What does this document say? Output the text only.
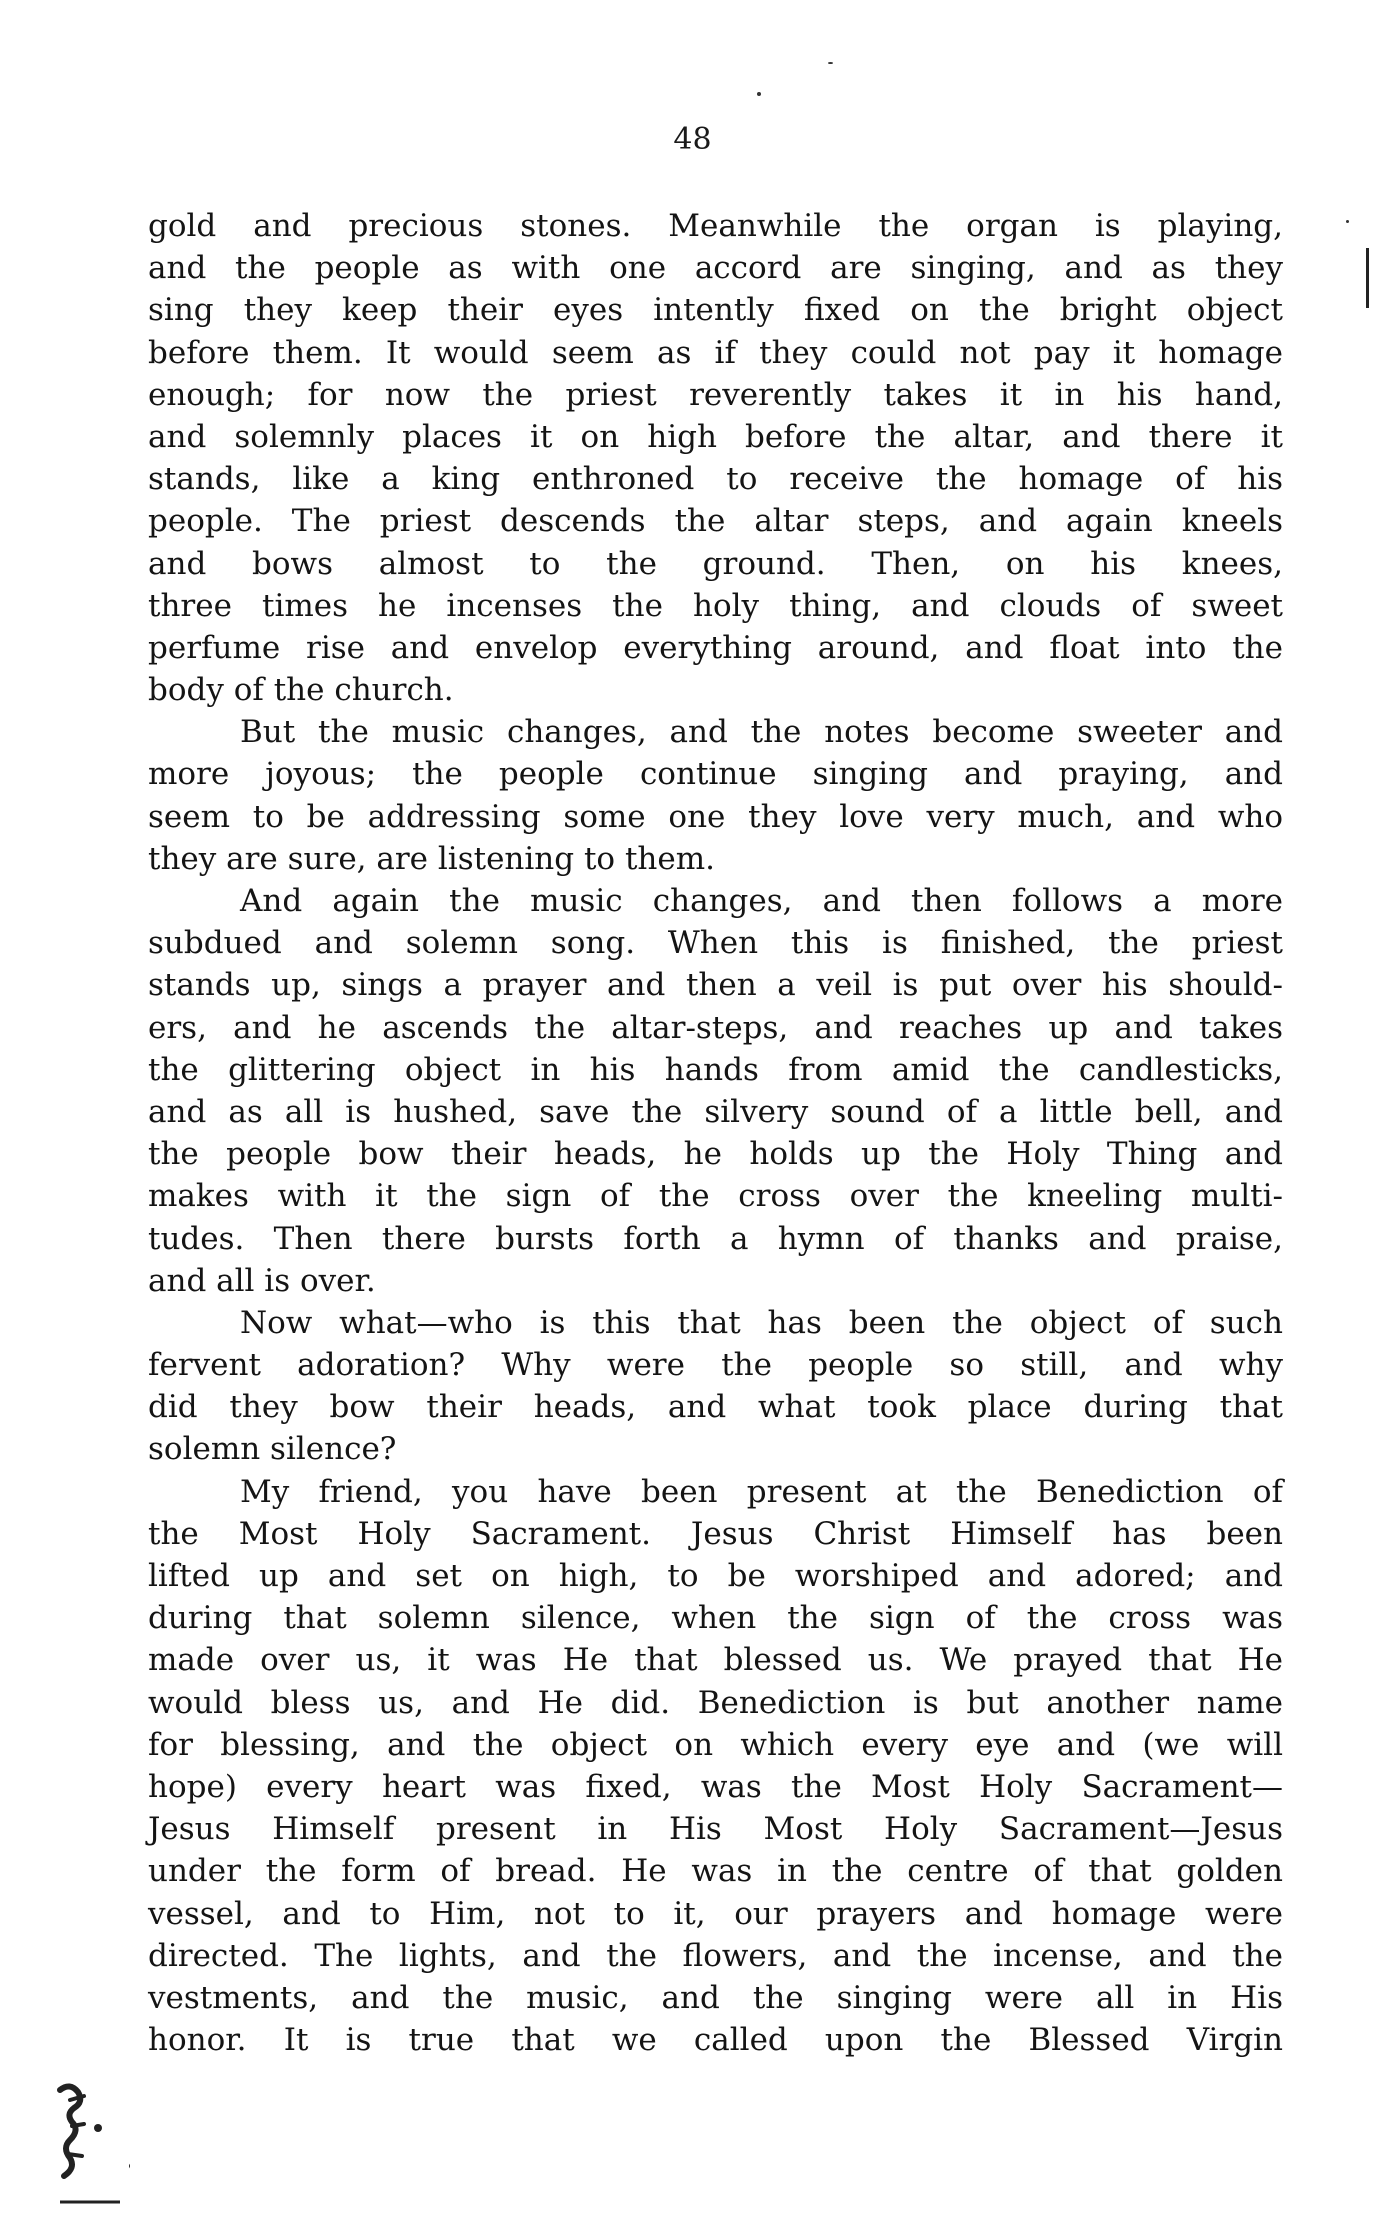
48
gold and precious stones. Meanwhile the organ is playing,
and the people as with one accord are singing, and as they
sing they keep their eyes intently fixed on the bright object
before them. It would seem as if they could not pay it homage
enough; for now the priest reverently takes it in his hand,
and solemnly places it on high before the altar, and there it
stands, like a king enthroned to receive the homage of his
people. The priest descends the altar steps, and again kneels
and bows almost to the ground. Then, on his knees,
three times he incenses the holy thing, and clouds of sweet
perfume rise and envelop everything around, and float into the
body of the church.
But the music changes, and the notes become sweeter and
more joyous; the people continue singing and praying, and
seem to be addressing some one they love very much, and who
they are sure, are listening to them.
And again the music changes, and then follows a more
subdued and solemn song. When this is finished, the priest
stands up, sings a prayer and then a veil is put over his should-
ers, and he ascends the altar-steps, and reaches up and takes
the glittering object in his hands from amid the candlesticks,
and as all is hushed, save the silvery sound of a little bell, and
the people bow their heads, he holds up the Holy Thing and
makes with it the sign of the cross over the kneeling multi-
tudes. Then there bursts forth a hymn of thanks and praise,
and all is over.
Now what—who is this that has been the object of such
fervent adoration? Why were the people so still, and why
did they bow their heads, and what took place during that
solemn silence?
My friend, you have been present at the Benediction of
the Most Holy Sacrament. Jesus Christ Himself has been
lifted up and set on high, to be worshiped and adored; and
during that solemn silence, when the sign of the cross was
made over us, it was He that blessed us. We prayed that He
would bless us, and He did. Benediction is but another name
for blessing, and the object on which every eye and (we will
hope) every heart was fixed, was the Most Holy Sacrament—
Jesus Himself present in His Most Holy Sacrament—Jesus
under the form of bread. He was in the centre of that golden
vessel, and to Him, not to it, our prayers and homage were
directed. The lights, and the flowers, and the incense, and the
vestments, and the music, and the singing were all in His
honor. It is true that we called upon the Blessed Virgin
